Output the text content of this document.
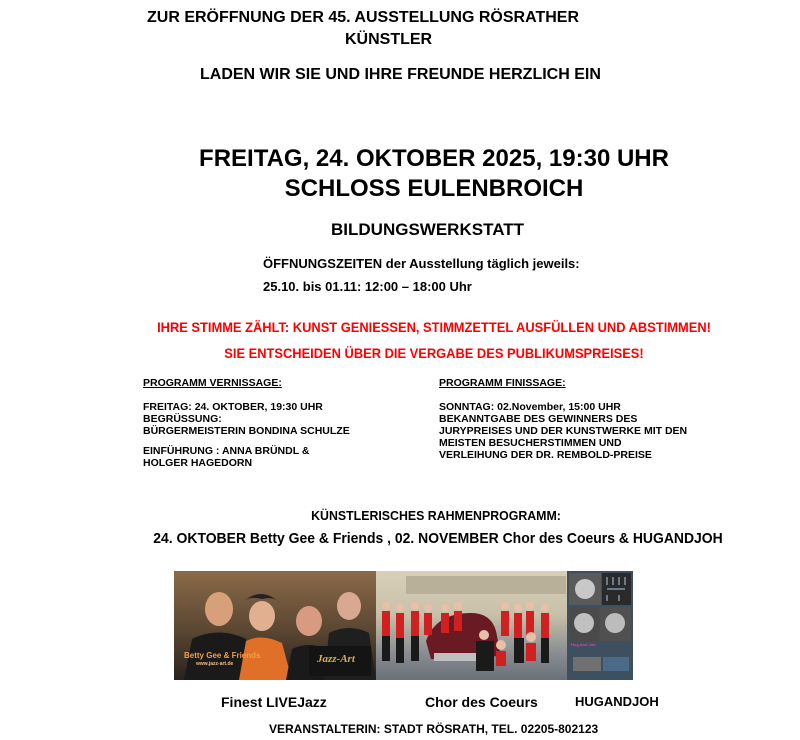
ZUR ERÖFFNUNG DER 45. AUSSTELLUNG RÖSRATHER
KÜNSTLER
LADEN WIR SIE UND IHRE FREUNDE HERZLICH EIN
FREITAG, 24. OKTOBER 2025, 19:30 UHR
SCHLOSS EULENBROICH
BILDUNGSWERKSTATT
ÖFFNUNGSZEITEN der Ausstellung täglich jeweils:
25.10. bis 01.11: 12:00 – 18:00 Uhr
IHRE STIMME ZÄHLT: KUNST GENIESSEN, STIMMZETTEL AUSFÜLLEN UND ABSTIMMEN!
SIE ENTSCHEIDEN ÜBER DIE VERGABE DES PUBLIKUMSPREISES!
PROGRAMM VERNISSAGE:

FREITAG: 24. OKTOBER, 19:30 UHR
BEGRÜSSUNG:
BÜRGERMEISTERIN BONDINA SCHULZE

EINFÜHRUNG : ANNA BRÜNDL &
HOLGER HAGEDORN

PROGRAMM FINISSAGE:

SONNTAG: 02.November, 15:00 UHR
BEKANNTGABE DES GEWINNERS DES
JURYPREISES UND DER KUNSTWERKE MIT DEN
MEISTEN BESUCHERSTIMMEN UND
VERLEIHUNG DER DR. REMBOLD-PREISE

KÜNSTLERISCHES RAHMENPROGRAMM:
24. OKTOBER Betty Gee & Friends , 02. NOVEMBER Chor des Coeurs & HUGANDJOH
Betty Gee & Friends
www.jazz-art.de	Jazz-Art
Hug And Joh
Finest LIVEJazz	Chor des Coeurs	HUGANDJOH
VERANSTALTERIN: STADT RÖSRATH, TEL. 02205-802123
